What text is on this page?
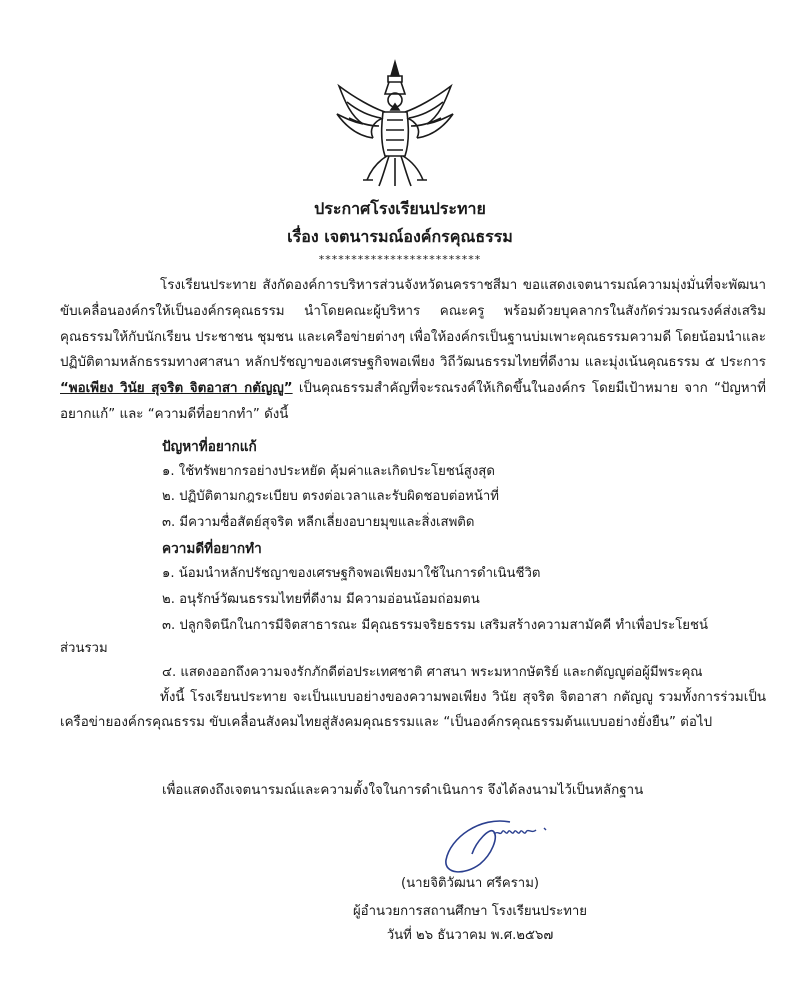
ประกาศโรงเรียนประทาย
เรื่อง เจตนารมณ์องค์กรคุณธรรม
*************************

โรงเรียนประทาย สังกัดองค์การบริหารส่วนจังหวัดนครราชสีมา ขอแสดงเจตนารมณ์ความมุ่งมั่นที่จะพัฒนาขับเคลื่อนองค์กรให้เป็นองค์กรคุณธรรม นำโดยคณะผู้บริหาร คณะครู พร้อมด้วยบุคลากรในสังกัดร่วมรณรงค์ส่งเสริมคุณธรรมให้กับนักเรียน ประชาชน ชุมชน และเครือข่ายต่างๆ เพื่อให้องค์กรเป็นฐานบ่มเพาะคุณธรรมความดี โดยน้อมนำและปฏิบัติตามหลักธรรมทางศาสนา หลักปรัชญาของเศรษฐกิจพอเพียง วิถีวัฒนธรรมไทยที่ดีงาม และมุ่งเน้นคุณธรรม ๕ ประการ “พอเพียง วินัย สุจริต จิตอาสา กตัญญู” เป็นคุณธรรมสำคัญที่จะรณรงค์ให้เกิดขึ้นในองค์กร โดยมีเป้าหมาย จาก “ปัญหาที่อยากแก้” และ “ความดีที่อยากทำ” ดังนี้

ปัญหาที่อยากแก้
๑. ใช้ทรัพยากรอย่างประหยัด คุ้มค่าและเกิดประโยชน์สูงสุด
๒. ปฏิบัติตามกฎระเบียบ ตรงต่อเวลาและรับผิดชอบต่อหน้าที่
๓. มีความซื่อสัตย์สุจริต หลีกเลี่ยงอบายมุขและสิ่งเสพติด
ความดีที่อยากทำ
๑. น้อมนำหลักปรัชญาของเศรษฐกิจพอเพียงมาใช้ในการดำเนินชีวิต
๒. อนุรักษ์วัฒนธรรมไทยที่ดีงาม มีความอ่อนน้อมถ่อมตน
๓. ปลูกจิตนึกในการมีจิตสาธารณะ มีคุณธรรมจริยธรรม เสริมสร้างความสามัคคี ทำเพื่อประโยชน์
ส่วนรวม
๔. แสดงออกถึงความจงรักภักดีต่อประเทศชาติ ศาสนา พระมหากษัตริย์ และกตัญญูต่อผู้มีพระคุณ

ทั้งนี้ โรงเรียนประทาย จะเป็นแบบอย่างของความพอเพียง วินัย สุจริต จิตอาสา กตัญญู รวมทั้งการร่วมเป็นเครือข่ายองค์กรคุณธรรม ขับเคลื่อนสังคมไทยสู่สังคมคุณธรรมและ “เป็นองค์กรคุณธรรมต้นแบบอย่างยั่งยืน” ต่อไป

เพื่อแสดงถึงเจตนารมณ์และความตั้งใจในการดำเนินการ จึงได้ลงนามไว้เป็นหลักฐาน

(นายจิติวัฒนา ศรีคราม)
ผู้อำนวยการสถานศึกษา โรงเรียนประทาย
วันที่ ๒๖ ธันวาคม พ.ศ.๒๕๖๗
